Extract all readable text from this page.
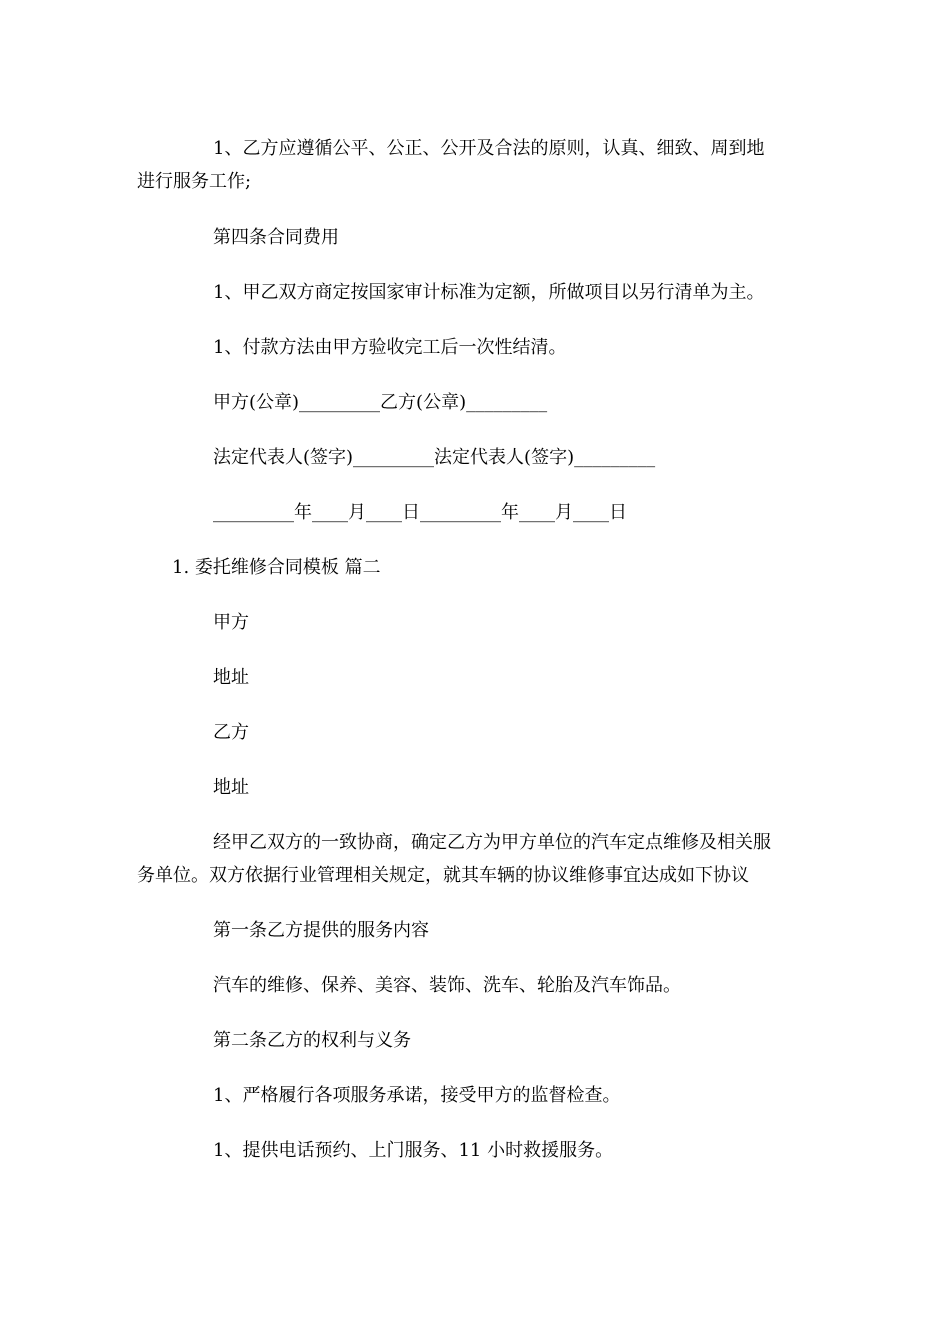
1、乙方应遵循公平、公正、公开及合法的原则，认真、细致、周到地

进行服务工作;

第四条合同费用

1、甲乙双方商定按国家审计标准为定额，所做项目以另行清单为主。

1、付款方法由甲方验收完工后一次性结清。

甲方(公章)_________乙方(公章)_________

法定代表人(签字)_________法定代表人(签字)_________

_________年____月____日_________年____月____日

1. 委托维修合同模板 篇二

甲方

地址

乙方

地址

经甲乙双方的一致协商，确定乙方为甲方单位的汽车定点维修及相关服

务单位。双方依据行业管理相关规定，就其车辆的协议维修事宜达成如下协议

第一条乙方提供的服务内容

汽车的维修、保养、美容、装饰、洗车、轮胎及汽车饰品。

第二条乙方的权利与义务

1、严格履行各项服务承诺，接受甲方的监督检查。

1、提供电话预约、上门服务、11 小时救援服务。
